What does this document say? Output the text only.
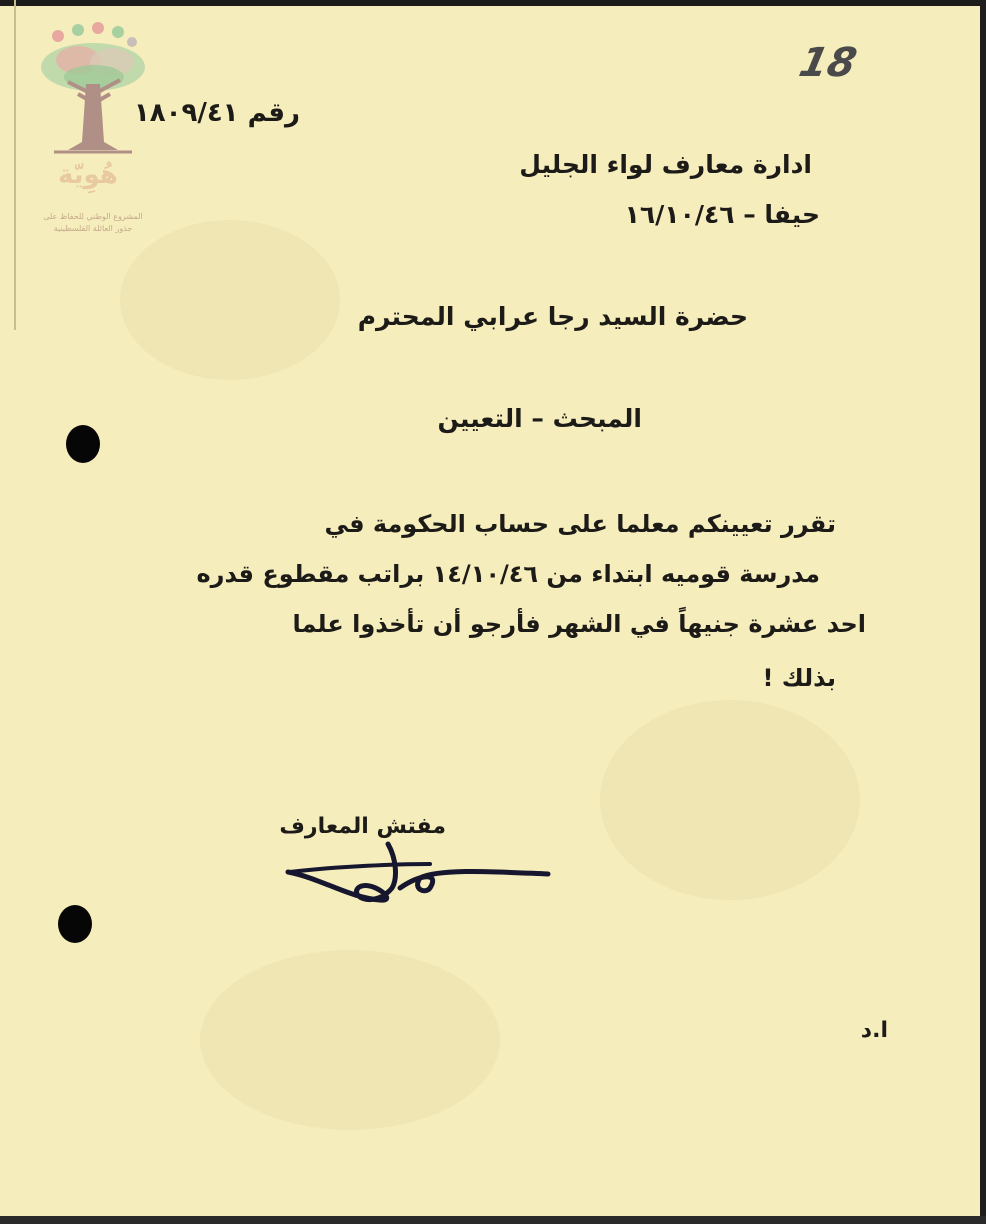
هُوِيّة
المشروع الوطني للحفاظ على
جذور العائلة الفلسطينية
18
رقم ١٨٠٩/٤١
ادارة معارف لواء الجليل
حيفا – ١٦/١٠/٤٦
حضرة السيد رجا عرابي المحترم
المبحث – التعيين
تقرر تعيينكم معلما على حساب الحكومة في
مدرسة قوميه ابتداء من ١٤/١٠/٤٦ براتب مقطوع قدره
احد عشرة جنيهاً في الشهر فأرجو أن تأخذوا علما
بذلك !
مفتش المعارف
ا.د
